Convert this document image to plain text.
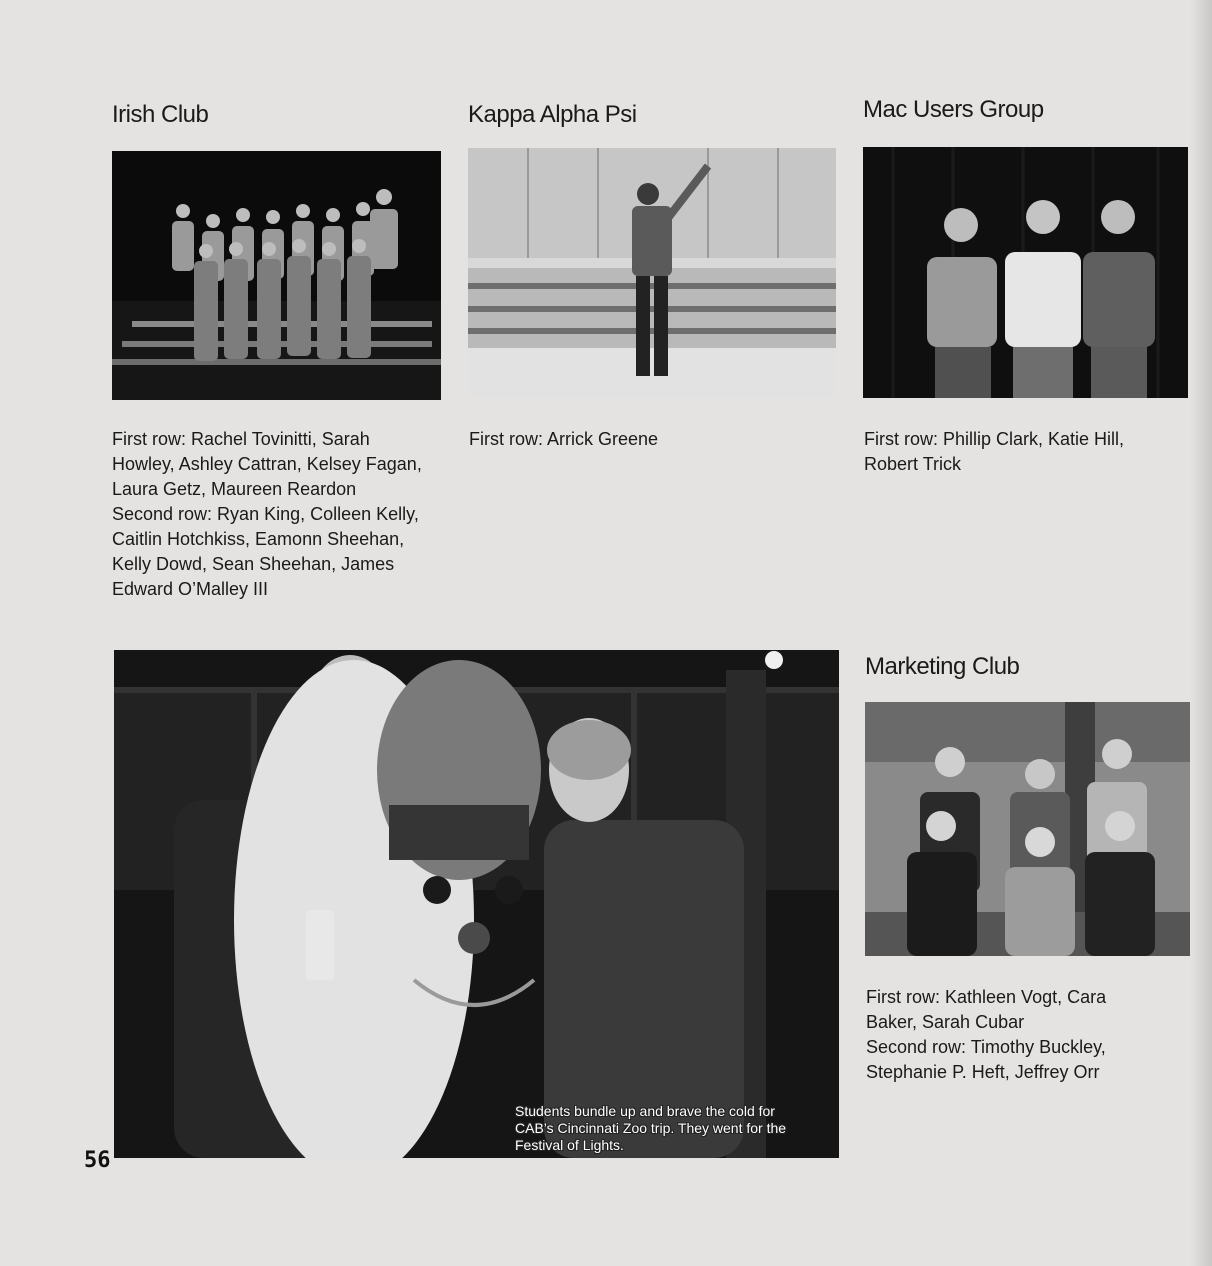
Irish Club
First row: Rachel Tovinitti, Sarah
Howley, Ashley Cattran, Kelsey Fagan,
Laura Getz, Maureen Reardon
Second row: Ryan King, Colleen Kelly,
Caitlin Hotchkiss, Eamonn Sheehan,
Kelly Dowd, Sean Sheehan, James
Edward O’Malley III
Kappa Alpha Psi
First row: Arrick Greene
Mac Users Group
First row: Phillip Clark, Katie Hill,
Robert Trick
Students bundle up and brave the cold for
CAB’s Cincinnati Zoo trip. They went for the
Festival of Lights.
Marketing Club
First row: Kathleen Vogt, Cara
Baker, Sarah Cubar
Second row: Timothy Buckley,
Stephanie P. Heft, Jeffrey Orr
56
